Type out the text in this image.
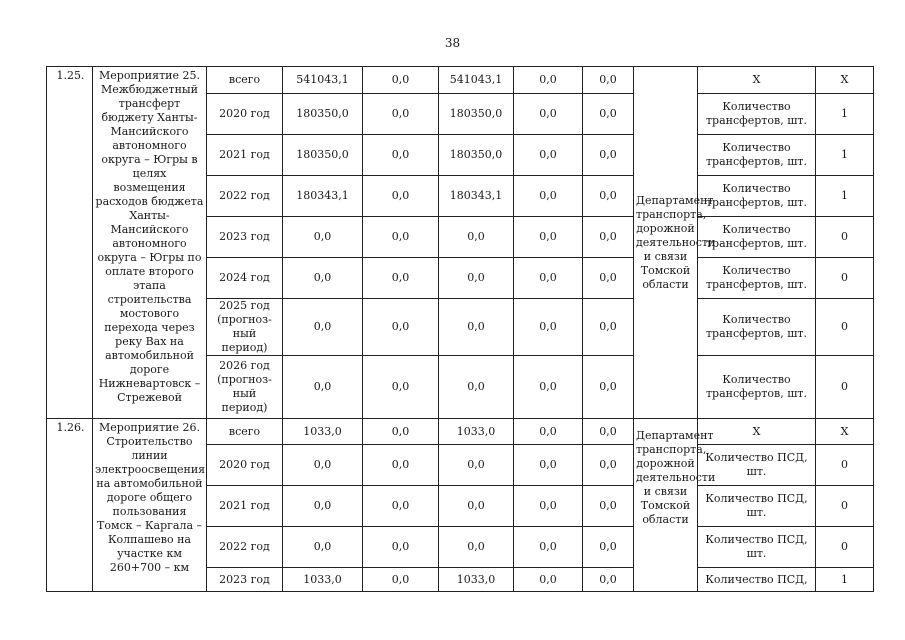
38
1.25.	Мероприятие 25. Межбюджетный трансферт бюджету Ханты-Мансийского автономного округа – Югры в целях возмещения расходов бюджета Ханты-Мансийского автономного округа – Югры по оплате второго этапа строительства мостового перехода через реку Вах на автомобильной дороге Нижневартовск – Стрежевой	всего	541043,1	0,0	541043,1	0,0	0,0	Департамент транспорта, дорожной деятельности и связи Томской области	Х	Х
		2020 год	180350,0	0,0	180350,0	0,0	0,0		Количество трансфертов, шт.	1
		2021 год	180350,0	0,0	180350,0	0,0	0,0		Количество трансфертов, шт.	1
		2022 год	180343,1	0,0	180343,1	0,0	0,0		Количество трансфертов, шт.	1
		2023 год	0,0	0,0	0,0	0,0	0,0		Количество трансфертов, шт.	0
		2024 год	0,0	0,0	0,0	0,0	0,0		Количество трансфертов, шт.	0
		2025 год (прогноз-ный период)	0,0	0,0	0,0	0,0	0,0		Количество трансфертов, шт.	0
		2026 год (прогноз-ный период)	0,0	0,0	0,0	0,0	0,0		Количество трансфертов, шт.	0
1.26.	Мероприятие 26. Строительство линии электроосвещения на автомобильной дороге общего пользования Томск – Каргала – Колпашево на участке км 260+700 – км	всего	1033,0	0,0	1033,0	0,0	0,0	Департамент транспорта, дорожной деятельности и связи Томской области	Х	Х
		2020 год	0,0	0,0	0,0	0,0	0,0		Количество ПСД, шт.	0
		2021 год	0,0	0,0	0,0	0,0	0,0		Количество ПСД, шт.	0
		2022 год	0,0	0,0	0,0	0,0	0,0		Количество ПСД, шт.	0
		2023 год	1033,0	0,0	1033,0	0,0	0,0		Количество ПСД,	1
